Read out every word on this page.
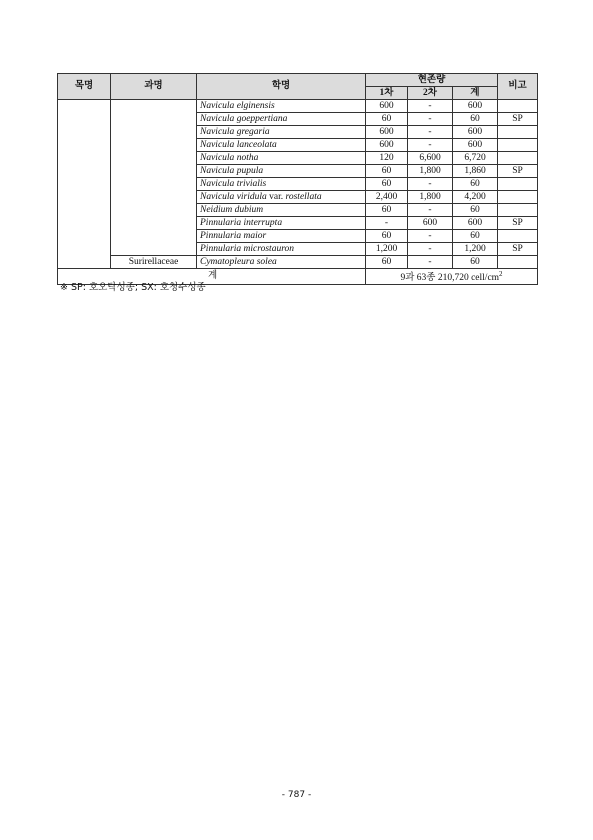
목명	과명	학명	현존량			비고
			1차	2차	계	
		Navicula elginensis	600	-	600	
		Navicula goeppertiana	60	-	60	SP
		Navicula gregaria	600	-	600	
		Navicula lanceolata	600	-	600	
		Navicula notha	120	6,600	6,720	
		Navicula pupula	60	1,800	1,860	SP
		Navicula trivialis	60	-	60	
		Navicula viridula var. rostellata	2,400	1,800	4,200	
		Neidium dubium	60	-	60	
		Pinnularia interrupta	-	600	600	SP
		Pinnularia maior	60	-	60	
		Pinnularia microstauron	1,200	-	1,200	SP
	Surirellaceae	Cymatopleura solea	60	-	60	
계			9과 63종 210,720 cell/$cm^2$
※ SP: 호오탁성종; SX: 호청수성종
- 787 -
